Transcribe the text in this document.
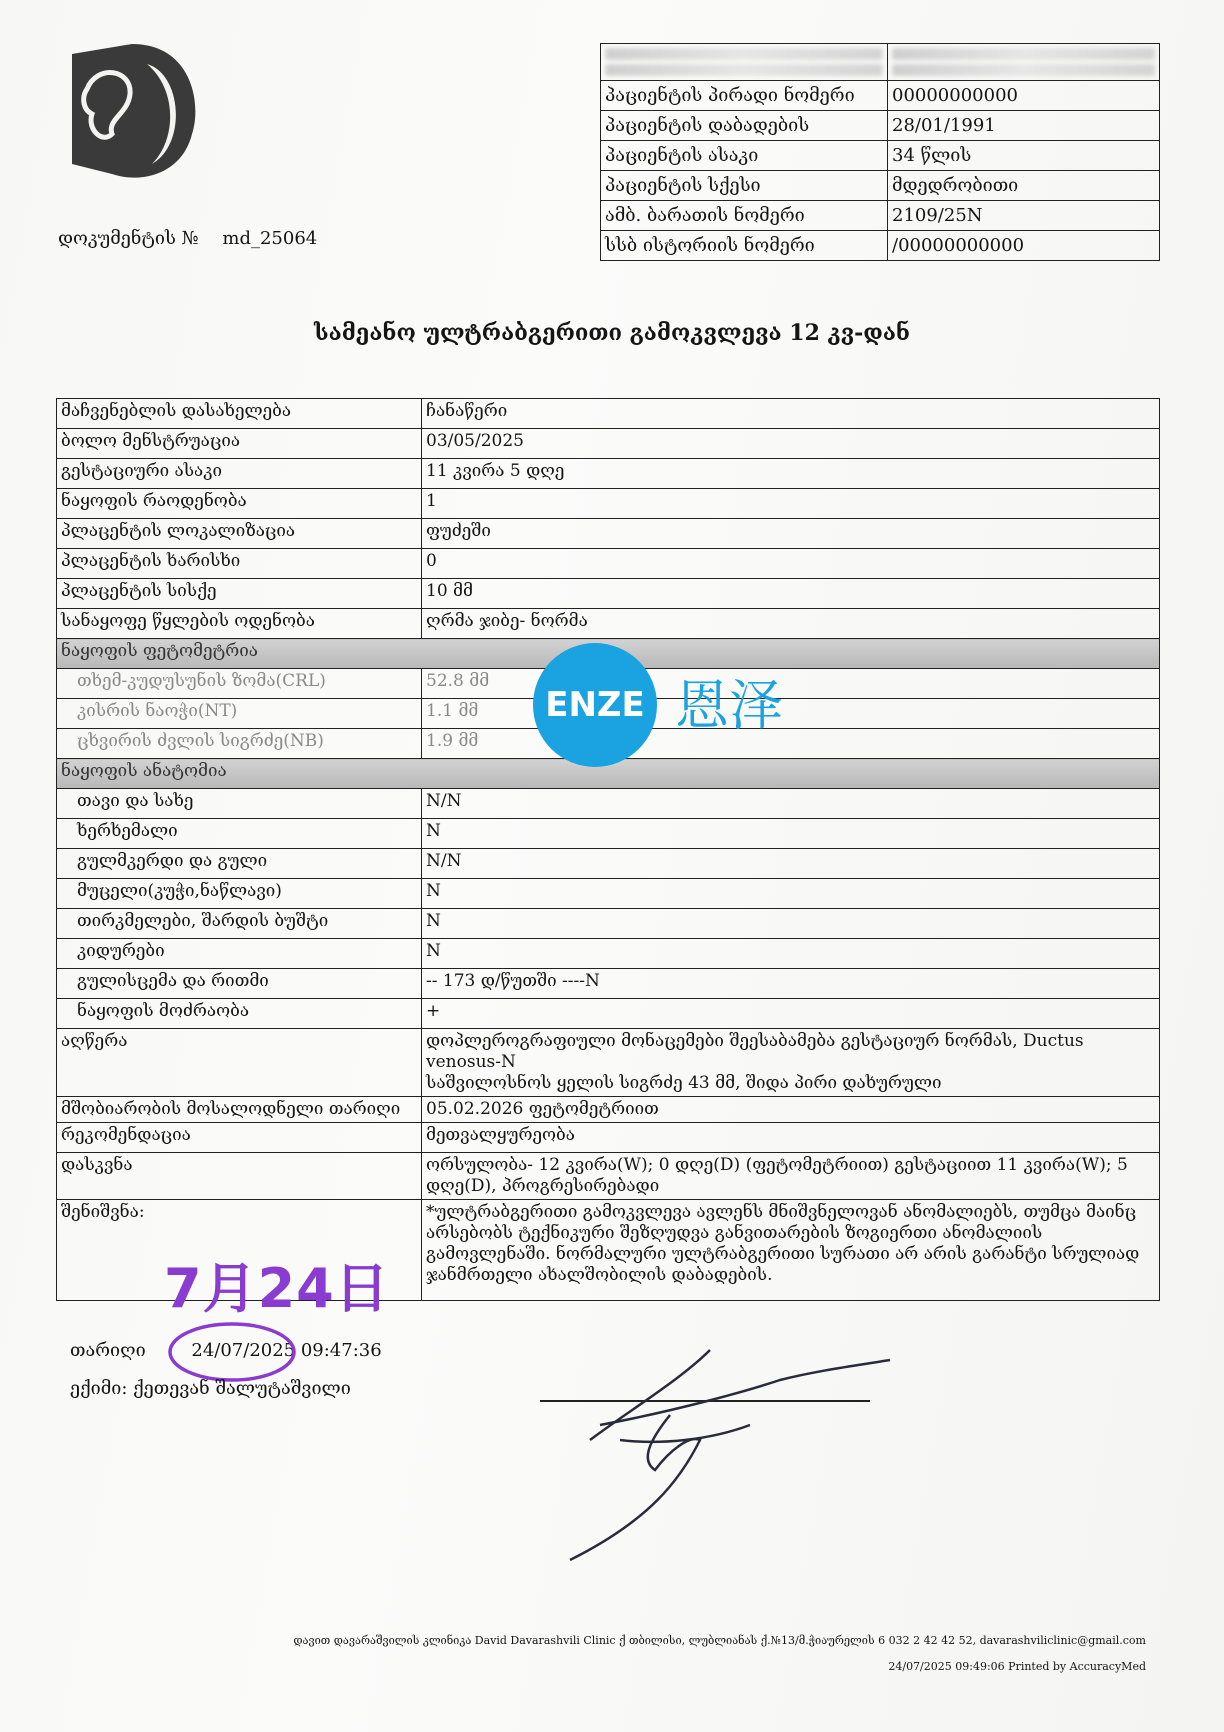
დოკუმენტის № md_25064

პაციენტის პირადი ნომერი	00000000000
პაციენტის დაბადების	28/01/1991
პაციენტის ასაკი	34 წლის
პაციენტის სქესი	მდედრობითი
ამბ. ბარათის ნომერი	2109/25N
სსბ ისტორიის ნომერი	/00000000000
სამეანო ულტრაბგერითი გამოკვლევა 12 კვ-დან
მაჩვენებლის დასახელება	ჩანაწერი
ბოლო მენსტრუაცია	03/05/2025
გესტაციური ასაკი	11 კვირა 5 დღე
ნაყოფის რაოდენობა	1
პლაცენტის ლოკალიზაცია	ფუძეში
პლაცენტის ხარისხი	0
პლაცენტის სისქე	10 მმ
სანაყოფე წყლების ოდენობა	ღრმა ჯიბე- ნორმა
ნაყოფის ფეტომეტრია	
თხემ-კუდუსუნის ზომა(CRL)	52.8 მმ
კისრის ნაოჭი(NT)	1.1 მმ
ცხვირის ძვლის სიგრძე(NB)	1.9 მმ
ნაყოფის ანატომია	
თავი და სახე	N/N
ხერხემალი	N
გულმკერდი და გული	N/N
მუცელი(კუჭი,ნაწლავი)	N
თირკმელები, შარდის ბუშტი	N
კიდურები	N
გულისცემა და რითმი	-- 173 დ/წუთში ----N
ნაყოფის მოძრაობა	+
აღწერა	დოპლეროგრაფიული მონაცემები შეესაბამება გესტაციურ ნორმას, Ductus venosus-N
საშვილოსნოს ყელის სიგრძე 43 მმ, შიდა პირი დახურული

მშობიარობის მოსალოდნელი თარიღი	05.02.2026 ფეტომეტრიით
რეკომენდაცია	მეთვალყურეობა
დასკვნა	ორსულობა- 12 კვირა(W); 0 დღე(D) (ფეტომეტრიით) გესტაციით 11 კვირა(W); 5 დღე(D), პროგრესირებადი
შენიშვნა:	*ულტრაბგერითი გამოკვლევა ავლენს მნიშვნელოვან ანომალიებს, თუმცა მაინც არსებობს ტექნიკური შეზღუდვა განვითარების ზოგიერთი ანომალიის გამოვლენაში. ნორმალური ულტრაბგერითი სურათი არ არის გარანტი სრულიად ჯანმრთელი ახალშობილის დაბადების.
ENZE 恩泽
7月24日
თარიღი	24/07/2025 09:47:36
ექიმი: ქეთევან შალუტაშვილი
დავით დავარაშვილის კლინიკა David Davarashvili Clinic ქ თბილისი, ლუბლიანას ქ.№13/მ.ჭიაურელის 6 032 2 42 42 52, davarashviliclinic@gmail.com
24/07/2025 09:49:06 Printed by AccuracyMed
